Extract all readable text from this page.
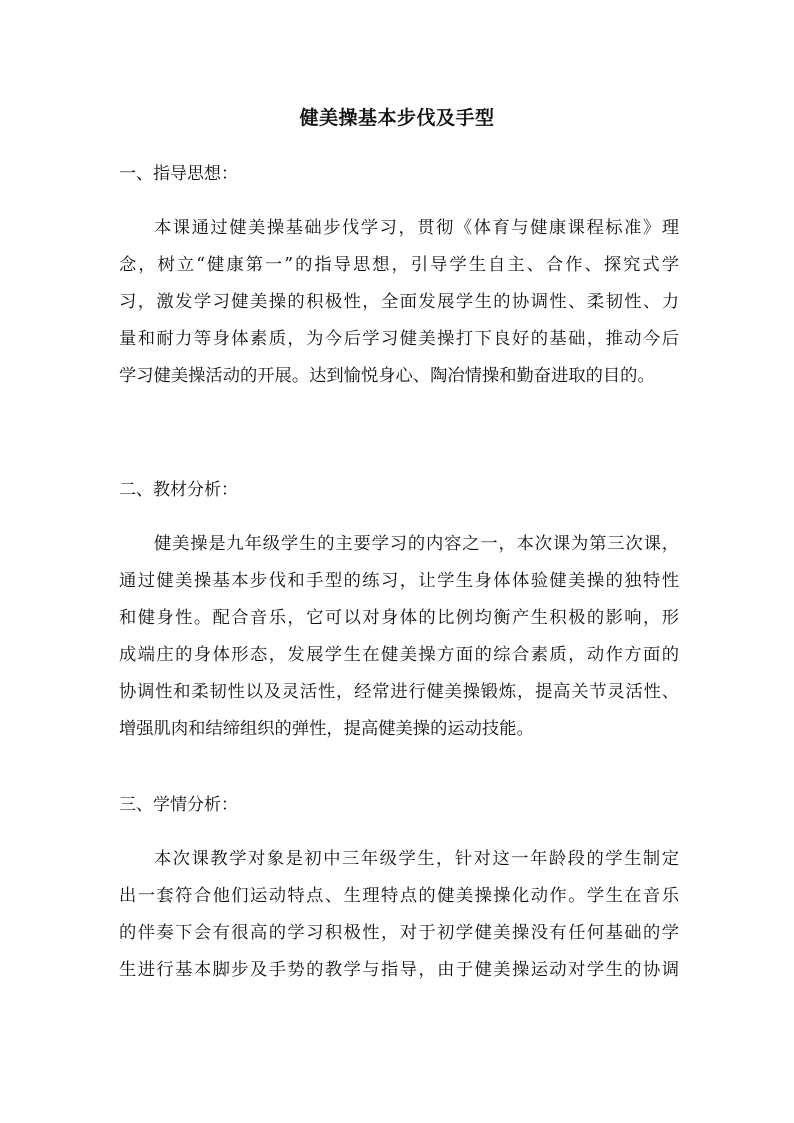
健美操基本步伐及手型
一、指导思想：
本课通过健美操基础步伐学习，贯彻《体育与健康课程标准》理
念，树立“健康第一”的指导思想，引导学生自主、合作、探究式学
习，激发学习健美操的积极性，全面发展学生的协调性、柔韧性、力
量和耐力等身体素质，为今后学习健美操打下良好的基础，推动今后
学习健美操活动的开展。达到愉悦身心、陶冶情操和勤奋进取的目的。
二、教材分析：
健美操是九年级学生的主要学习的内容之一，本次课为第三次课，
通过健美操基本步伐和手型的练习，让学生身体体验健美操的独特性
和健身性。配合音乐，它可以对身体的比例均衡产生积极的影响，形
成端庄的身体形态，发展学生在健美操方面的综合素质，动作方面的
协调性和柔韧性以及灵活性，经常进行健美操锻炼，提高关节灵活性、
增强肌肉和结缔组织的弹性，提高健美操的运动技能。
三、学情分析：
本次课教学对象是初中三年级学生，针对这一年龄段的学生制定
出一套符合他们运动特点、生理特点的健美操操化动作。学生在音乐
的伴奏下会有很高的学习积极性，对于初学健美操没有任何基础的学
生进行基本脚步及手势的教学与指导，由于健美操运动对学生的协调
